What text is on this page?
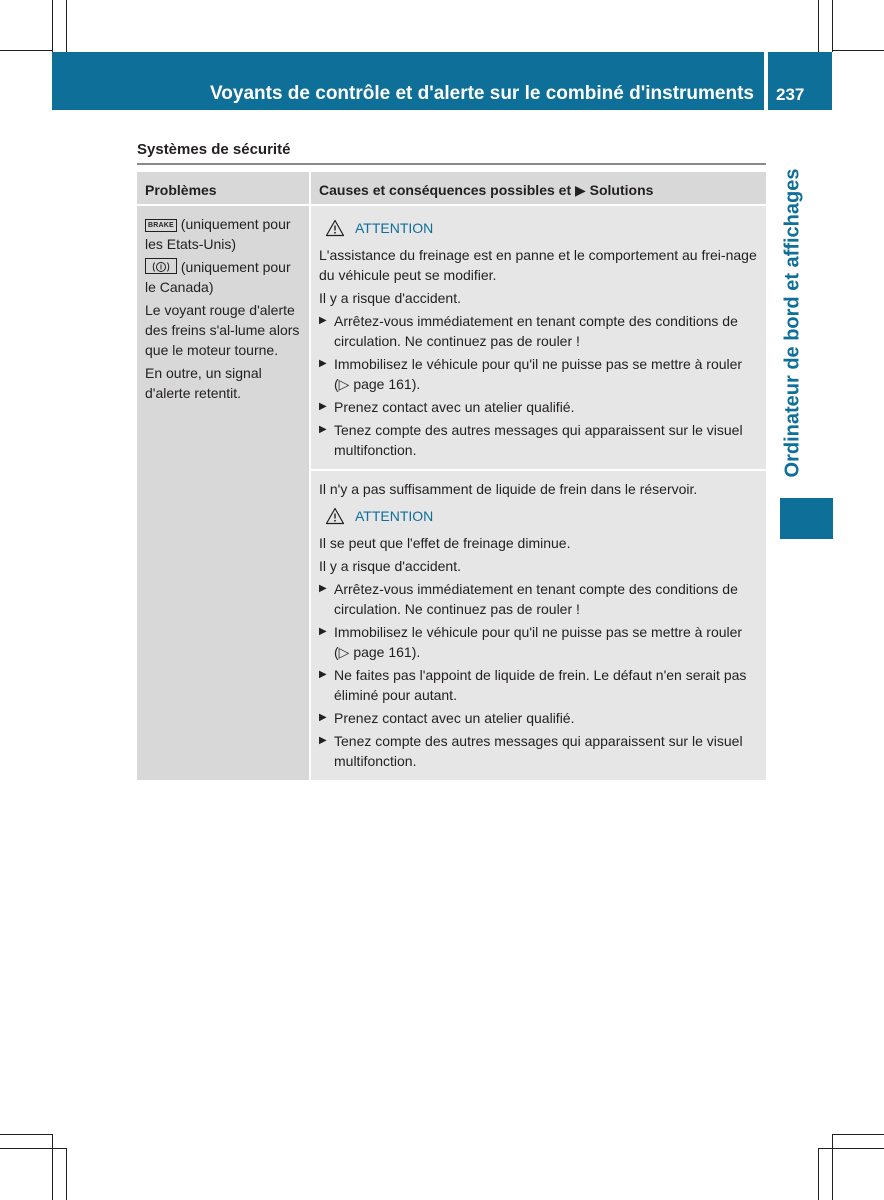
Voyants de contrôle et d'alerte sur le combiné d'instruments 237
Ordinateur de bord et affichages
Systèmes de sécurité
Problèmes	Causes et conséquences possibles et ▶ Solutions

BRAKE (uniquement pour les Etats-Unis)

(uniquement pour le Canada)

Le voyant rouge d'alerte des freins s'al-lume alors que le moteur tourne.

En outre, un signal d'alerte retentit.

ATTENTION

L'assistance du freinage est en panne et le comportement au frei-nage du véhicule peut se modifier.

Il y a risque d'accident.

▶ Arrêtez-vous immédiatement en tenant compte des conditions de circulation. Ne continuez pas de rouler !
▶ Immobilisez le véhicule pour qu'il ne puisse pas se mettre à rouler (▷ page 161).
▶ Prenez contact avec un atelier qualifié.
▶ Tenez compte des autres messages qui apparaissent sur le visuel multifonction.

Il n'y a pas suffisamment de liquide de frein dans le réservoir.

ATTENTION

Il se peut que l'effet de freinage diminue.

Il y a risque d'accident.

▶ Arrêtez-vous immédiatement en tenant compte des conditions de circulation. Ne continuez pas de rouler !
▶ Immobilisez le véhicule pour qu'il ne puisse pas se mettre à rouler (▷ page 161).
▶ Ne faites pas l'appoint de liquide de frein. Le défaut n'en serait pas éliminé pour autant.
▶ Prenez contact avec un atelier qualifié.
▶ Tenez compte des autres messages qui apparaissent sur le visuel multifonction.
